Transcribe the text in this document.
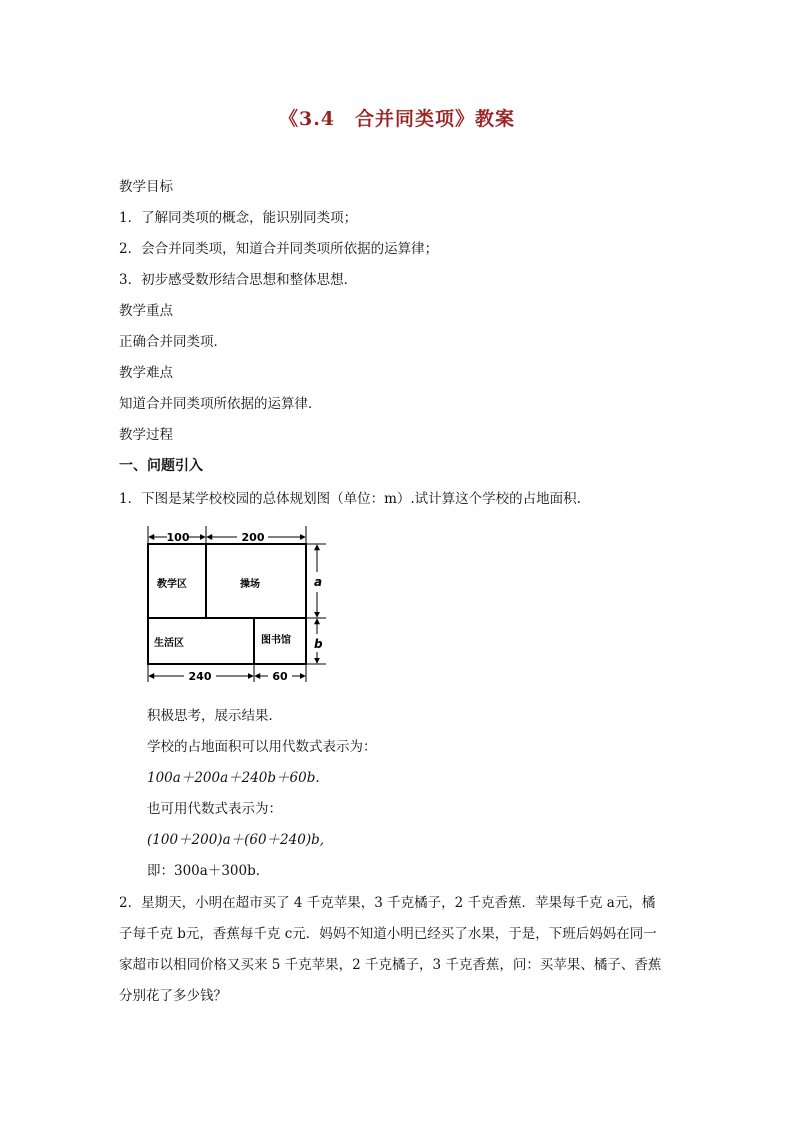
《3.4　合并同类项》教案
教学目标
1．了解同类项的概念，能识别同类项；
2．会合并同类项，知道合并同类项所依据的运算律；
3．初步感受数形结合思想和整体思想．
教学重点
正确合并同类项．
教学难点
知道合并同类项所依据的运算律．
教学过程
一、问题引入
1．下图是某学校校园的总体规划图（单位：m）.试计算这个学校的占地面积.
100	200
教学区	操场
生活区	图书馆
a
b
240	60
积极思考，展示结果．
学校的占地面积可以用代数式表示为：
100a＋200a＋240b＋60b.
也可用代数式表示为：
(100＋200)a＋(60＋240)b,
即：300a＋300b.
2．星期天，小明在超市买了 4 千克苹果，3 千克橘子，2 千克香蕉．苹果每千克 a元，橘
子每千克 b元，香蕉每千克 c元．妈妈不知道小明已经买了水果，于是，下班后妈妈在同一
家超市以相同价格又买来 5 千克苹果，2 千克橘子，3 千克香蕉，问：买苹果、橘子、香蕉
分别花了多少钱？
